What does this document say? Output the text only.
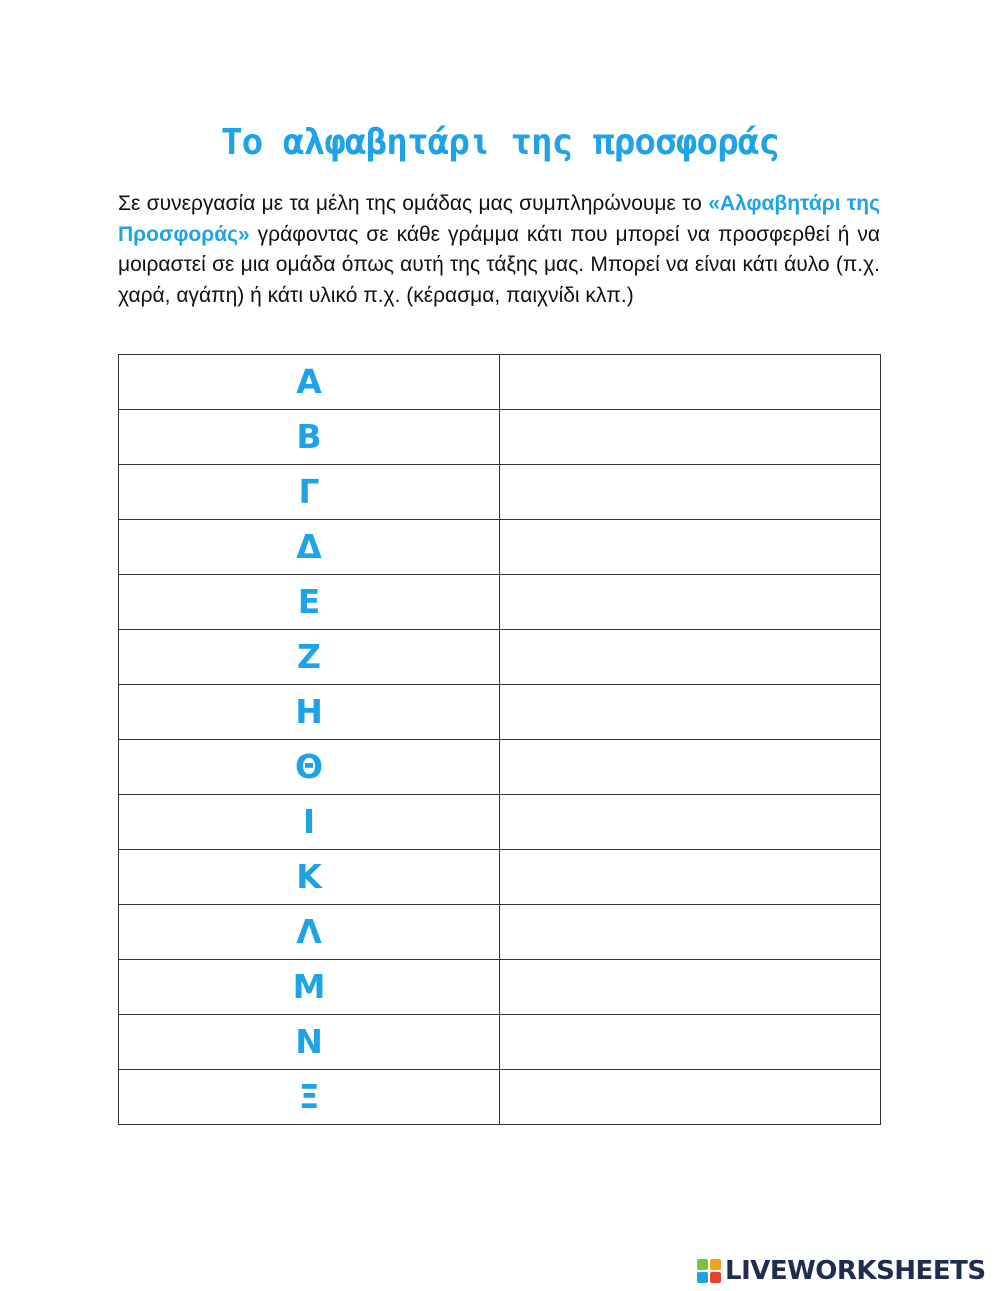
Το αλφαβητάρι της προσφοράς

Σε συνεργασία με τα μέλη της ομάδας μας συμπληρώνουμε το «Αλφαβητάρι της Προσφοράς» γράφοντας σε κάθε γράμμα κάτι που μπορεί να προσφερθεί ή να μοιραστεί σε μια ομάδα όπως αυτή της τάξης μας. Μπορεί να είναι κάτι άυλο (π.χ. χαρά, αγάπη) ή κάτι υλικό π.χ. (κέρασμα, παιχνίδι κλπ.)

Α	
Β	
Γ	
Δ	
Ε	
Ζ	
Η	
Θ	
Ι	
Κ	
Λ	
Μ	
Ν	
Ξ	
LIVEWORKSHEETS
